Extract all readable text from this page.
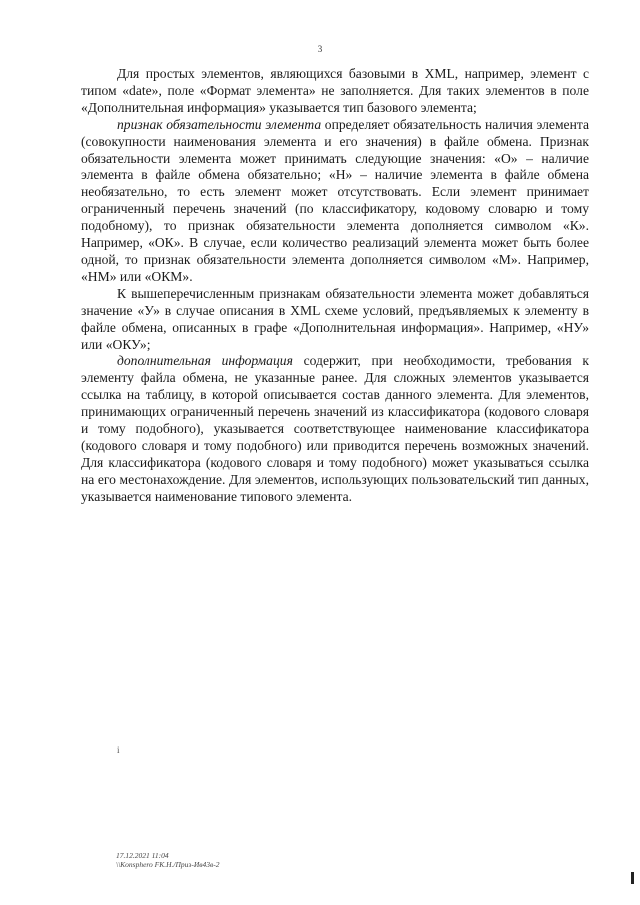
3

Для простых элементов, являющихся базовыми в XML, например, элемент с типом «date», поле «Формат элемента» не заполняется. Для таких элементов в поле «Дополнительная информация» указывается тип базового элемента;

признак обязательности элемента определяет обязательность наличия элемента (совокупности наименования элемента и его значения) в файле обмена. Признак обязательности элемента может принимать следующие значения: «О» – наличие элемента в файле обмена обязательно; «Н» – наличие элемента в файле обмена необязательно, то есть элемент может отсутствовать. Если элемент принимает ограниченный перечень значений (по классификатору, кодовому словарю и тому подобному), то признак обязательности элемента дополняется символом «К». Например, «ОК». В случае, если количество реализаций элемента может быть более одной, то признак обязательности элемента дополняется символом «М». Например, «НМ» или «ОКМ».

К вышеперечисленным признакам обязательности элемента может добавляться значение «У» в случае описания в XML схеме условий, предъявляемых к элементу в файле обмена, описанных в графе «Дополнительная информация». Например, «НУ» или «ОКУ»;

дополнительная информация содержит, при необходимости, требования к элементу файла обмена, не указанные ранее. Для сложных элементов указывается ссылка на таблицу, в которой описывается состав данного элемента. Для элементов, принимающих ограниченный перечень значений из классификатора (кодового словаря и тому подобного), указывается соответствующее наименование классификатора (кодового словаря и тому подобного) или приводится перечень возможных значений. Для классификатора (кодового словаря и тому подобного) может указываться ссылка на его местонахождение. Для элементов, использующих пользовательский тип данных, указывается наименование типового элемента.

i
17.12.2021 11:04
\\Konsphero FK.H./Приз-Ив43в-2
